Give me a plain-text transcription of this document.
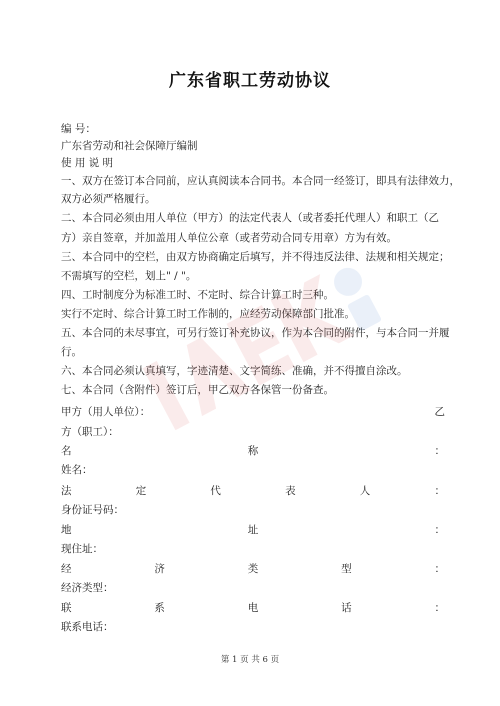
广东省职工劳动协议
编 号：
广东省劳动和社会保障厅编制
使 用 说 明
一、双方在签订本合同前，应认真阅读本合同书。本合同一经签订，即具有法律效力，
双方必须严格履行。
二、本合同必须由用人单位（甲方）的法定代表人（或者委托代理人）和职工（乙
方）亲自签章，并加盖用人单位公章（或者劳动合同专用章）方为有效。
三、本合同中的空栏，由双方协商确定后填写，并不得违反法律、法规和相关规定；
不需填写的空栏，划上" / "。
四、工时制度分为标准工时、不定时、综合计算工时三种。
实行不定时、综合计算工时工作制的，应经劳动保障部门批准。
五、本合同的未尽事宜，可另行签订补充协议，作为本合同的附件，与本合同一并履
行。
六、本合同必须认真填写，字迹清楚、文字简练、准确，并不得擅自涂改。
七、本合同（含附件）签订后，甲乙双方各保管一份备查。
甲方（用人单位）：	乙
方（职工）：
名	称	：
姓名：
法	定	代	表	人	：
身份证号码：
地	址	：
现住址：
经	济	类	型	：
经济类型：
联	系	电	话	：
联系电话：
第 1 页 共 6 页
